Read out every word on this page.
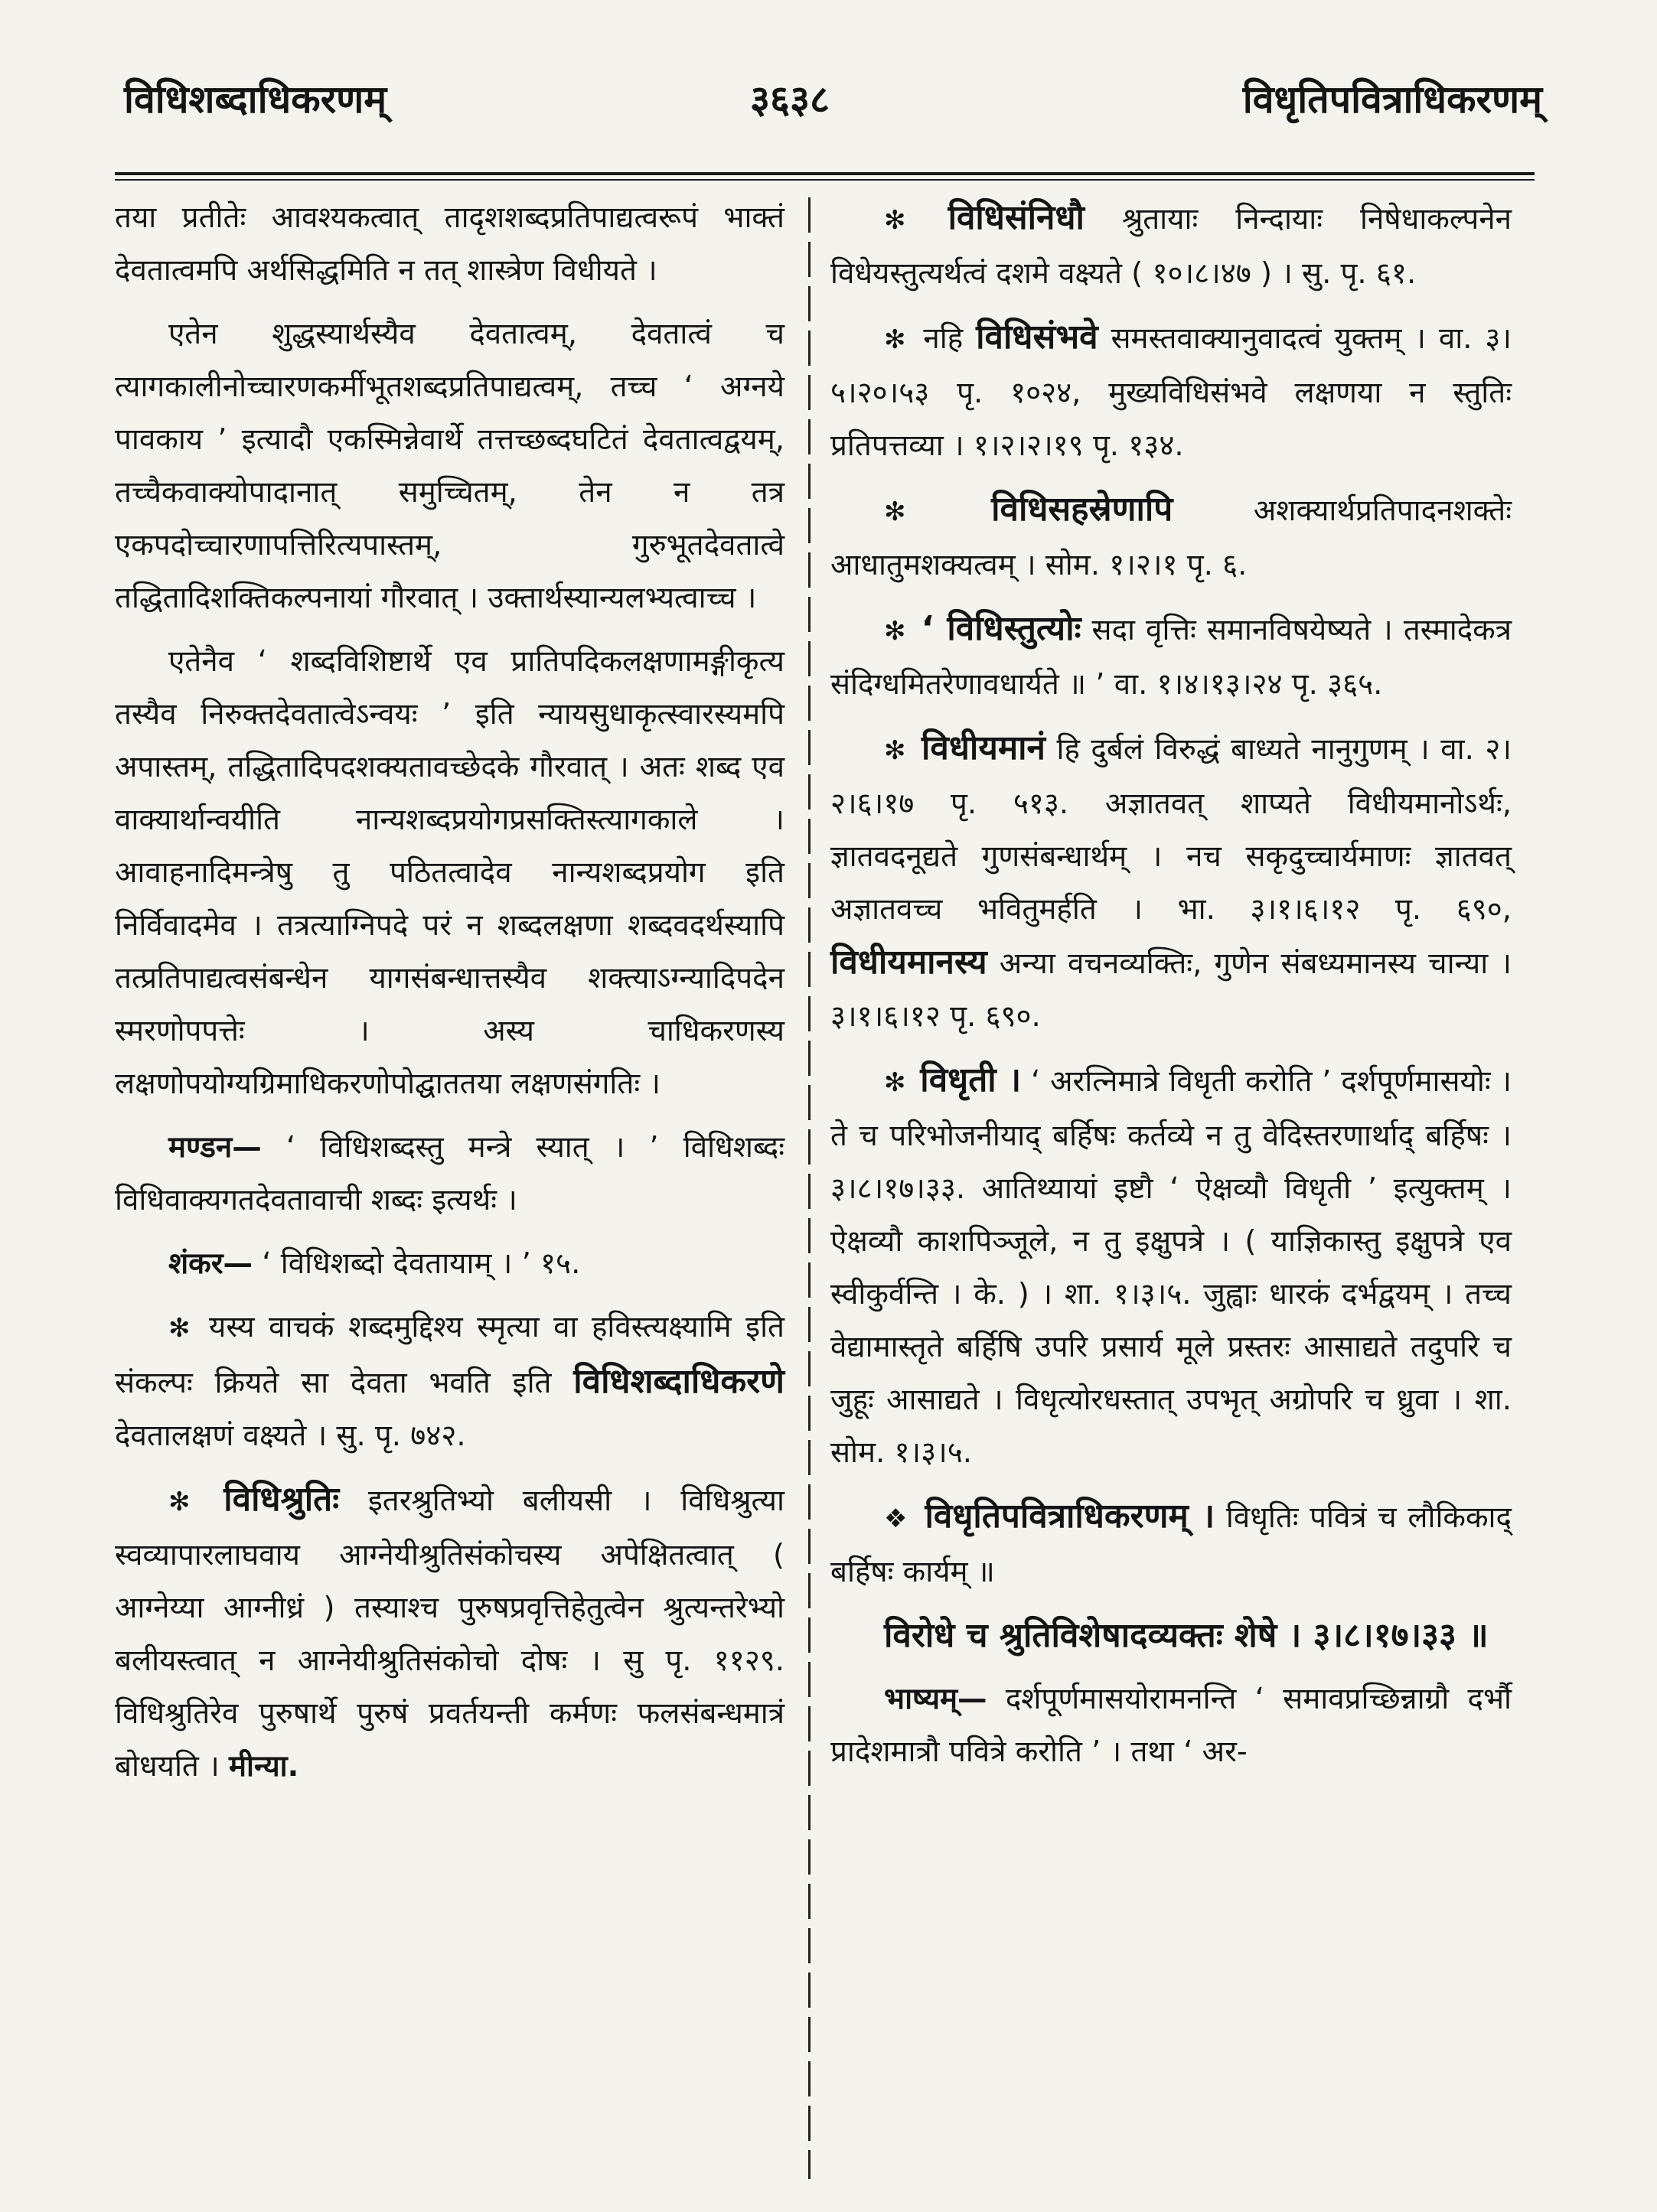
विधिशब्दाधिकरणम्	३६३८	विधृतिपवित्राधिकरणम्

तया प्रतीतेः आवश्यकत्वात् तादृशशब्दप्रतिपाद्यत्वरूपं भाक्तं देवतात्वमपि अर्थसिद्धमिति न तत् शास्त्रेण विधीयते ।

एतेन शुद्धस्यार्थस्यैव देवतात्वम्, देवतात्वं च त्यागकालीनोच्चारणकर्मीभूतशब्दप्रतिपाद्यत्वम्, तच्च ‘ अग्नये पावकाय ’ इत्यादौ एकस्मिन्नेवार्थे तत्तच्छब्दघटितं देवतात्वद्वयम्, तच्चैकवाक्योपादानात् समुच्चितम्, तेन न तत्र एकपदोच्चारणापत्तिरित्यपास्तम्, गुरुभूतदेवतात्वे तद्धितादिशक्तिकल्पनायां गौरवात् । उक्तार्थस्यान्यलभ्यत्वाच्च ।

एतेनैव ‘ शब्दविशिष्टार्थे एव प्रातिपदिकलक्षणामङ्गीकृत्य तस्यैव निरुक्तदेवतात्वेऽन्वयः ’ इति न्यायसुधाकृत्स्वारस्यमपि अपास्तम्, तद्धितादिपदशक्यतावच्छेदके गौरवात् । अतः शब्द एव वाक्यार्थान्वयीति नान्यशब्दप्रयोगप्रसक्तिस्त्यागकाले । आवाहनादिमन्त्रेषु तु पठितत्वादेव नान्यशब्दप्रयोग इति निर्विवादमेव । तत्रत्याग्निपदे परं न शब्दलक्षणा शब्दवदर्थस्यापि तत्प्रतिपाद्यत्वसंबन्धेन यागसंबन्धात्तस्यैव शक्त्याऽग्न्यादिपदेन स्मरणोपपत्तेः । अस्य चाधिकरणस्य लक्षणोपयोग्यग्रिमाधिकरणोपोद्घाततया लक्षणसंगतिः ।

मण्डन— ‘ विधिशब्दस्तु मन्त्रे स्यात् । ’ विधिशब्दः विधिवाक्यगतदेवतावाची शब्दः इत्यर्थः ।

शंकर— ‘ विधिशब्दो देवतायाम् । ’ १५.

✻ यस्य वाचकं शब्दमुद्दिश्य स्मृत्या वा हविस्त्यक्ष्यामि इति संकल्पः क्रियते सा देवता भवति इति विधिशब्दाधिकरणे देवतालक्षणं वक्ष्यते । सु. पृ. ७४२.

✻ विधिश्रुतिः इतरश्रुतिभ्यो बलीयसी । विधिश्रुत्या स्वव्यापारलाघवाय आग्नेयीश्रुतिसंकोचस्य अपेक्षितत्वात् ( आग्नेय्या आग्नीध्रं ) तस्याश्च पुरुषप्रवृत्तिहेतुत्वेन श्रुत्यन्तरेभ्यो बलीयस्त्वात् न आग्नेयीश्रुतिसंकोचो दोषः । सु पृ. ११२९. विधिश्रुतिरेव पुरुषार्थे पुरुषं प्रवर्तयन्ती कर्मणः फलसंबन्धमात्रं बोधयति । मीन्या.

✻ विधिसंनिधौ श्रुतायाः निन्दायाः निषेधाकल्पनेन विधेयस्तुत्यर्थत्वं दशमे वक्ष्यते ( १०।८।४७ ) । सु. पृ. ६१.

✻ नहि विधिसंभवे समस्तवाक्यानुवादत्वं युक्तम् । वा. ३।५।२०।५३ पृ. १०२४, मुख्यविधिसंभवे लक्षणया न स्तुतिः प्रतिपत्तव्या । १।२।२।१९ पृ. १३४.

✻	विधिसहस्रेणापि	अशक्यार्थप्रतिपादनशक्तेः आधातुमशक्यत्वम् । सोम. १।२।१ पृ. ६.

✻ ‘ विधिस्तुत्योः सदा वृत्तिः समानविषयेष्यते । तस्मादेकत्र संदिग्धमितरेणावधार्यते ॥ ’ वा. १।४।१३।२४ पृ. ३६५.

✻ विधीयमानं हि दुर्बलं विरुद्धं बाध्यते नानुगुणम् । वा. २।२।६।१७ पृ. ५१३. अज्ञातवत् शाप्यते विधीयमानोऽर्थः, ज्ञातवदनूद्यते गुणसंबन्धार्थम् । नच सकृदुच्चार्यमाणः ज्ञातवत् अज्ञातवच्च भवितुमर्हति । भा. ३।१।६।१२ पृ. ६९०, विधीयमानस्य अन्या वचनव्यक्तिः, गुणेन संबध्यमानस्य चान्या । ३।१।६।१२ पृ. ६९०.

✻ विधृती । ‘ अरत्निमात्रे विधृती करोति ’ दर्शपूर्णमासयोः । ते च परिभोजनीयाद् बर्हिषः कर्तव्ये न तु वेदिस्तरणार्थाद् बर्हिषः । ३।८।१७।३३. आतिथ्यायां इष्टौ ‘ ऐक्षव्यौ विधृती ’ इत्युक्तम् । ऐक्षव्यौ काशपिञ्जूले, न तु इक्षुपत्रे । ( याज्ञिकास्तु इक्षुपत्रे एव स्वीकुर्वन्ति । के. ) । शा. १।३।५. जुह्वाः धारकं दर्भद्वयम् । तच्च वेद्यामास्तृते बर्हिषि उपरि प्रसार्य मूले प्रस्तरः आसाद्यते तदुपरि च जुहूः आसाद्यते । विधृत्योरधस्तात् उपभृत् अग्रोपरि च ध्रुवा । शा. सोम. १।३।५.

❖ विधृतिपवित्राधिकरणम् । विधृतिः पवित्रं च लौकिकाद् बर्हिषः कार्यम् ॥

विरोधे च श्रुतिविशेषादव्यक्तः शेषे । ३।८।१७।३३ ॥

भाष्यम्— दर्शपूर्णमासयोरामनन्ति ‘ समावप्रच्छिन्नाग्रौ दर्भौ प्रादेशमात्रौ पवित्रे करोति ’ । तथा ‘ अर-
